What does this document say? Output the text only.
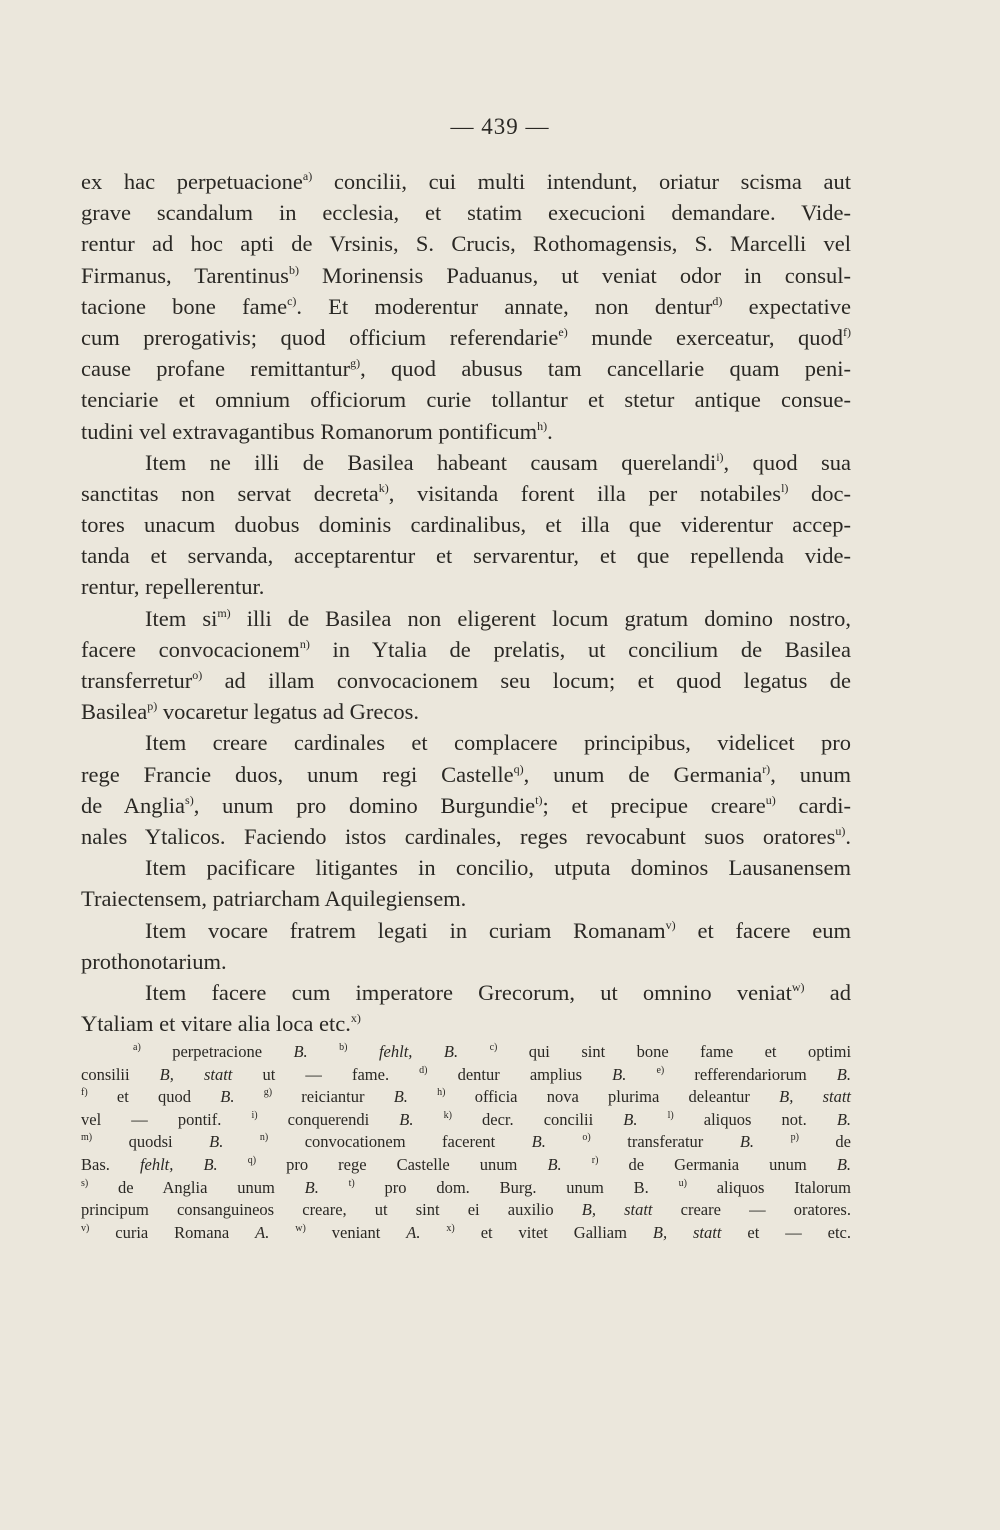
— 439 —
ex hac perpetuacione$^{a)}$ concilii, cui multi intendunt, oriatur scisma aut
grave scandalum in ecclesia, et statim execucioni demandare. Vide-
rentur ad hoc apti de Vrsinis, S. Crucis, Rothomagensis, S. Marcelli vel
Firmanus, Tarentinus$^{b)}$ Morinensis Paduanus, ut veniat odor in consul-
tacione bone fame$^{c)}$. Et moderentur annate, non dentur$^{d)}$ expectative
cum prerogativis; quod officium referendarie$^{e)}$ munde exerceatur, quod$^{f)}$
cause profane remittantur$^{g)}$, quod abusus tam cancellarie quam peni-
tenciarie et omnium officiorum curie tollantur et stetur antique consue-
tudini vel extravagantibus Romanorum pontificum$^{h)}$.
Item ne illi de Basilea habeant causam querelandi$^{i)}$, quod sua
sanctitas non servat decreta$^{k)}$, visitanda forent illa per notabiles$^{l)}$ doc-
tores unacum duobus dominis cardinalibus, et illa que viderentur accep-
tanda et servanda, acceptarentur et servarentur, et que repellenda vide-
rentur, repellerentur.
Item $si^{m)}$ illi de Basilea non eligerent locum gratum domino nostro,
facere convocacionem$^{n)}$ in Ytalia de prelatis, ut concilium de Basilea
transferretur$^{o)}$ ad illam convocacionem seu locum; et quod legatus de
Basilea$^{p)}$ vocaretur legatus ad Grecos.
Item creare cardinales et complacere principibus, videlicet pro
rege Francie duos, unum regi Castelle$^{q)}$, unum de Germania$^{r)}$, unum
de Anglia$^{s)}$, unum pro domino Burgundie$^{t)}$; et precipue creare$^{u)}$ cardi-
nales Ytalicos. Faciendo istos cardinales, reges revocabunt suos oratores$^{u)}$.
Item pacificare litigantes in concilio, utputa dominos Lausanensem
Traiectensem, patriarcham Aquilegiensem.
Item vocare fratrem legati in curiam Romanam$^{v)}$ et facere eum
prothonotarium.
Item facere cum imperatore Grecorum, ut omnino veniat$^{w)}$ ad
Ytaliam et vitare alia loca etc.$^{x)}$
$^{a)}$ perpetracione B.	$^{b)}$ fehlt, B.	$^{c)}$ qui sint bone fame et optimi
consilii B, statt ut — fame. $^{d)}$ dentur amplius B.	$^{e)}$ refferendariorum B.
$^{f)}$ et quod B.	$^{g)}$ reiciantur B.	$^{h)}$ officia nova plurima deleantur B, statt
vel — pontif. $^{i)}$ conquerendi B.	$^{k)}$ decr. concilii B.	$^{l)}$ aliquos not. B.
$^{m)}$ quodsi B.	$^{n)}$ convocationem facerent B.	$^{o)}$ transferatur B.	$^{p)}$ de
Bas. fehlt, B.	$^{q)}$ pro rege Castelle unum B.	$^{r)}$ de Germania unum B.
$^{s)}$ de Anglia unum B.	$^{t)}$ pro dom. Burg. unum B. $^{u)}$ aliquos Italorum
principum consanguineos creare, ut sint ei auxilio B, statt creare — oratores.
$^{v)}$ curia Romana A.	$^{w)}$ veniant A.	$^{x)}$ et vitet Galliam B, statt et — etc.
